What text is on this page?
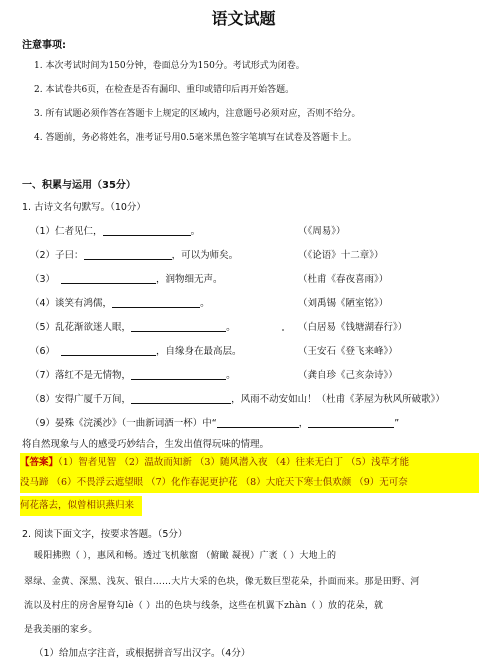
语文试题
注意事项:
1. 本次考试时间为150分钟，卷面总分为150分。考试形式为闭卷。
2. 本试卷共6页，在检查是否有漏印、重印或错印后再开始答题。
3. 所有试题必须作答在答题卡上规定的区域内，注意题号必须对应，否则不给分。
4. 答题前，务必将姓名，准考证号用0.5毫米黑色签字笔填写在试卷及答题卡上。
一、积累与运用（35分）
1. 古诗文名句默写。（10分）
（1）仁者见仁，	。	（《周易》）
（2）子曰：	，可以为师矣。	（《论语》十二章》）
（3）	，润物细无声。	（杜甫《春夜喜雨》）
（4）谈笑有鸿儒，	。	（刘禹锡《陋室铭》）
（5）乱花渐欲迷人眼，	。	（白居易《钱塘湖春行》）
（6）	，自缘身在最高层。	（王安石《登飞来峰》）
（7）落红不是无情物，	。	（龚自珍《己亥杂诗》）
（8）安得广厦千万间，	，风雨不动安如山！（杜甫《茅屋为秋风所破歌》）
（9）晏殊《浣溪沙》（一曲新词酒一杯）中“	，	”
将自然现象与人的感受巧妙结合，生发出值得玩味的情理。
【答案】（1）智者见智 （2）温故而知新 （3）随风潜入夜 （4）往来无白丁 （5）浅草才能
没马蹄 （6）不畏浮云遮望眼 （7）化作春泥更护花 （8）大庇天下寒士俱欢颜 （9）无可奈
何花落去，似曾相识燕归来
2. 阅读下面文字，按要求答题。（5分）
暖阳拂煦（ ），惠风和畅。透过飞机舷窗 （俯瞰 凝视）广袤（ ）大地上的
翠绿、金黄、深黑、浅灰、银白……大片大采的色块，像无数巨型花朵，扑面而来。那是田野、河
流以及村庄的房舍屋脊勾lè（ ）出的色块与线条，这些在机翼下zhàn（ ）放的花朵，就
是我美丽的家乡。
（1）给加点字注音，或根据拼音写出汉字。（4分）
